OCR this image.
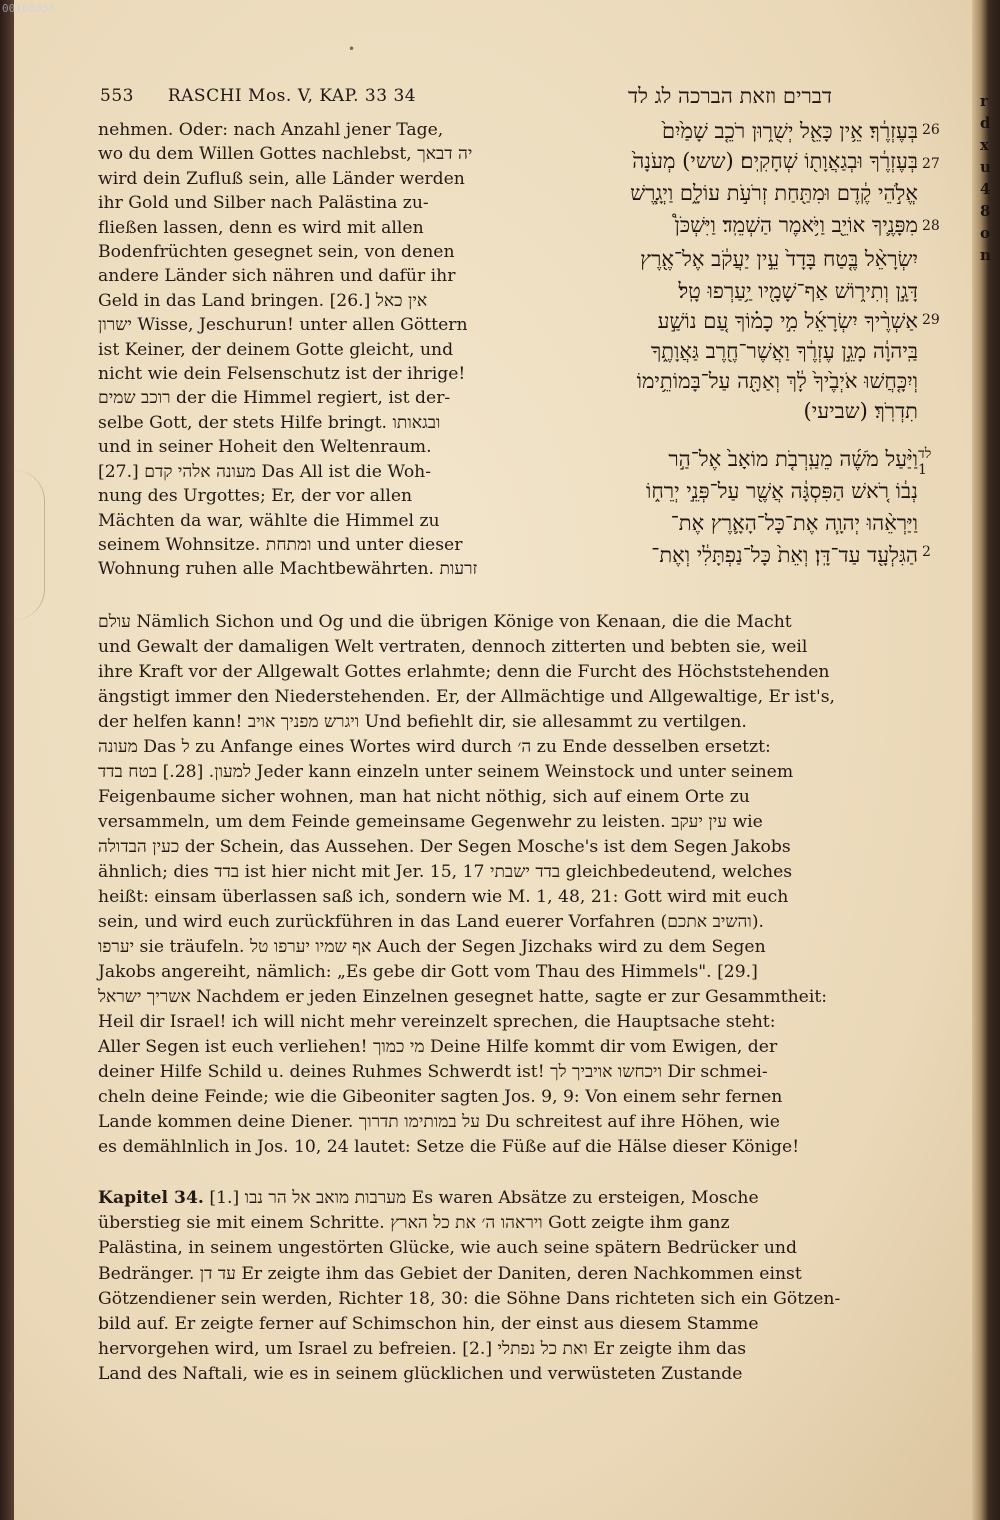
r
d
x
u
4
8
o
n
00168836
•
553 RASCHI Mos. V, KAP. 33 34	דברים וזאת הברכה לג לד
26
27
28
29
לד 1
2
בְּעֶזְרֶ֔ךָ׃ אֵ֥ין כָּאֵ֖ל יְשֻׁר֑וּן רֹכֵ֤ב שָׁמַ֙יִם֙
בְּעֶזְרֶ֔ךָ וּבְגַאֲוָת֖וֹ שְׁחָקִֽים׃ (ששי) מְעֹנָה֙
אֱלֹ֣הֵי קֶ֔דֶם וּמִתַּ֖חַת זְרֹעֹ֣ת עוֹלָ֑ם וַיְגָ֧רֶשׁ
מִפָּנֶ֛יךָ אוֹיֵ֖ב וַיֹּ֥אמֶר הַשְׁמֵֽד׃ וַיִּשְׁכֹּן֩
יִשְׂרָאֵ֨ל בֶּ֤טַח בָּדָד֙ עֵ֣ין יַעֲקֹ֔ב אֶל־אֶ֖רֶץ
דָּגָ֣ן וְתִיר֑וֹשׁ אַף־שָׁמָ֖יו יַ֥עַרְפוּ טָֽל׃
אַשְׁרֶ֨יךָ יִשְׂרָאֵ֜ל מִ֣י כָמ֗וֹךָ עַ֚ם נוֹשַׁ֣ע
בַּֽיהוָ֔ה מָגֵ֣ן עֶזְרֶ֔ךָ וַאֲשֶׁר־חֶ֖רֶב גַּאֲוָתֶ֑ךָ
וְיִכָּ֤חֲשׁוּ אֹיְבֶ֙יךָ֙ לָ֔ךְ וְאַתָּ֖ה עַל־בָּמוֹתֵ֥ימוֹ
תִדְרֹֽךְ׃ (שביעי)
וַיַּ֨עַל מֹשֶׁ֜ה מֵעַֽרְבֹ֤ת מוֹאָב֙ אֶל־הַ֣ר
נְב֔וֹ רֹ֚אשׁ הַפִּסְגָּ֔ה אֲשֶׁ֖ר עַל־פְּנֵ֣י יְרֵח֑וֹ
וַיַּרְאֵ֨הוּ יְהוָ֧ה אֶת־כָּל־הָאָ֛רֶץ אֶת־
הַגִּלְעָ֖ד עַד־דָּֽן׃ וְאֵת֙ כָּל־נַפְתָּלִ֔י וְאֶת־
nehmen. Oder: nach Anzahl jener Tage,
wo du dem Willen Gottes nachlebst, יה דבאך
wird dein Zufluß sein, alle Länder werden
ihr Gold und Silber nach Palästina zu-
fließen lassen, denn es wird mit allen
Bodenfrüchten gesegnet sein, von denen
andere Länder sich nähren und dafür ihr
Geld in das Land bringen. [26.] אין כאל
ישרון Wisse, Jeschurun! unter allen Göttern
ist Keiner, der deinem Gotte gleicht, und
nicht wie dein Felsenschutz ist der ihrige!
רוכב שמים der die Himmel regiert, ist der-
selbe Gott, der stets Hilfe bringt. ובגאותו
und in seiner Hoheit den Weltenraum.
[27.] מעונה אלהי קדם Das All ist die Woh-
nung des Urgottes; Er, der vor allen
Mächten da war, wählte die Himmel zu
seinem Wohnsitze. ומתחת und unter dieser
Wohnung ruhen alle Machtbewährten. זרעות
עולם Nämlich Sichon und Og und die übrigen Könige von Kenaan, die die Macht
und Gewalt der damaligen Welt vertraten, dennoch zitterten und bebten sie, weil
ihre Kraft vor der Allgewalt Gottes erlahmte; denn die Furcht des Höchststehenden
ängstigt immer den Niederstehenden. Er, der Allmächtige und Allgewaltige, Er ist's,
der helfen kann! ויגרש מפניך אויב Und befiehlt dir, sie allesammt zu vertilgen.
מעונה Das ל zu Anfange eines Wortes wird durch ה׳ zu Ende desselben ersetzt:
למעון. [28.] בטח בדד Jeder kann einzeln unter seinem Weinstock und unter seinem
Feigenbaume sicher wohnen, man hat nicht nöthig, sich auf einem Orte zu
versammeln, um dem Feinde gemeinsame Gegenwehr zu leisten. עין יעקב wie
כעין הבדולה der Schein, das Aussehen. Der Segen Mosche's ist dem Segen Jakobs
ähnlich; dies בדד ist hier nicht mit Jer. 15, 17 בדד ישבתי gleichbedeutend, welches
heißt: einsam überlassen saß ich, sondern wie M. 1, 48, 21: Gott wird mit euch
sein, und wird euch zurückführen in das Land euerer Vorfahren (והשיב אתכם).
יערפו sie träufeln. אף שמיו יערפו טל Auch der Segen Jizchaks wird zu dem Segen
Jakobs angereiht, nämlich: „Es gebe dir Gott vom Thau des Himmels". [29.]
אשריך ישראל Nachdem er jeden Einzelnen gesegnet hatte, sagte er zur Gesammtheit:
Heil dir Israel! ich will nicht mehr vereinzelt sprechen, die Hauptsache steht:
Aller Segen ist euch verliehen! מי כמוך Deine Hilfe kommt dir vom Ewigen, der
deiner Hilfe Schild u. deines Ruhmes Schwerdt ist! ויכחשו אויביך לך Dir schmei-
cheln deine Feinde; wie die Gibeoniter sagten Jos. 9, 9: Von einem sehr fernen
Lande kommen deine Diener. על במותימו תדרוך Du schreitest auf ihre Höhen, wie
es demählnlich in Jos. 10, 24 lautet: Setze die Füße auf die Hälse dieser Könige!
Kapitel 34. [1.] מערבות מואב אל הר נבו Es waren Absätze zu ersteigen, Mosche
überstieg sie mit einem Schritte. ויראהו ה׳ את כל הארץ Gott zeigte ihm ganz
Palästina, in seinem ungestörten Glücke, wie auch seine spätern Bedrücker und
Bedränger. עד דן Er zeigte ihm das Gebiet der Daniten, deren Nachkommen einst
Götzendiener sein werden, Richter 18, 30: die Söhne Dans richteten sich ein Götzen-
bild auf. Er zeigte ferner auf Schimschon hin, der einst aus diesem Stamme
hervorgehen wird, um Israel zu befreien. [2.] ואת כל נפתלי Er zeigte ihm das
Land des Naftali, wie es in seinem glücklichen und verwüsteten Zustande
